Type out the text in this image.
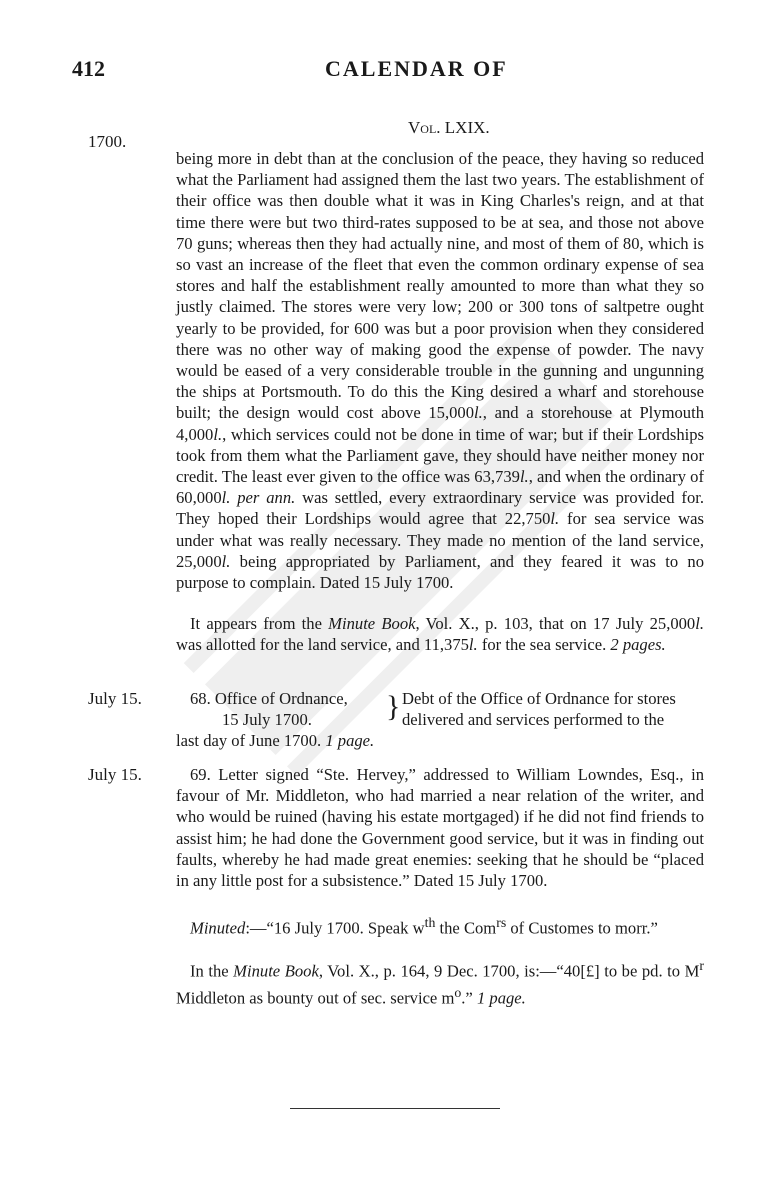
412	CALENDAR OF
Vol. LXIX.
1700.

being more in debt than at the conclusion of the peace, they having so reduced what the Parliament had assigned them the last two years. The establishment of their office was then double what it was in King Charles's reign, and at that time there were but two third-rates supposed to be at sea, and those not above 70 guns; whereas then they had actually nine, and most of them of 80, which is so vast an increase of the fleet that even the common ordinary expense of sea stores and half the establishment really amounted to more than what they so justly claimed. The stores were very low; 200 or 300 tons of saltpetre ought yearly to be provided, for 600 was but a poor provision when they considered there was no other way of making good the expense of powder. The navy would be eased of a very considerable trouble in the gunning and ungunning the ships at Portsmouth. To do this the King desired a wharf and storehouse built; the design would cost above 15,000l., and a storehouse at Plymouth 4,000l., which services could not be done in time of war; but if their Lordships took from them what the Parliament gave, they should have neither money nor credit. The least ever given to the office was 63,739l., and when the ordinary of 60,000l. per ann. was settled, every extraordinary service was provided for. They hoped their Lordships would agree that 22,750l. for sea service was under what was really necessary. They made no mention of the land service, 25,000l. being appropriated by Parliament, and they feared it was to no purpose to complain. Dated 15 July 1700.

It appears from the Minute Book, Vol. X., p. 103, that on 17 July 25,000l. was allotted for the land service, and 11,375l. for the sea service. 2 pages.

July 15.	68. Office of Ordnance,
15 July 1700. } Debt of the Office of Ordnance for stores
delivered and services performed to the
last day of June 1700. 1 page.
July 15.	69. Letter signed “Ste. Hervey,” addressed to William Lowndes, Esq., in favour of Mr. Middleton, who had married a near relation of the writer, and who would be ruined (having his estate mortgaged) if he did not find friends to assist him; he had done the Government good service, but it was in finding out faults, whereby he had made great enemies: seeking that he should be “placed in any little post for a subsistence.” Dated 15 July 1700.

Minuted:—“16 July 1700. Speak $w^{th}$ the Com$^{rs}$ of Customes to morr.”

In the Minute Book, Vol. X., p. 164, 9 Dec. 1700, is:—“40[£] to be pd. to $M^r$ Middleton as bounty out of sec. service $m^o$.” 1 page.
